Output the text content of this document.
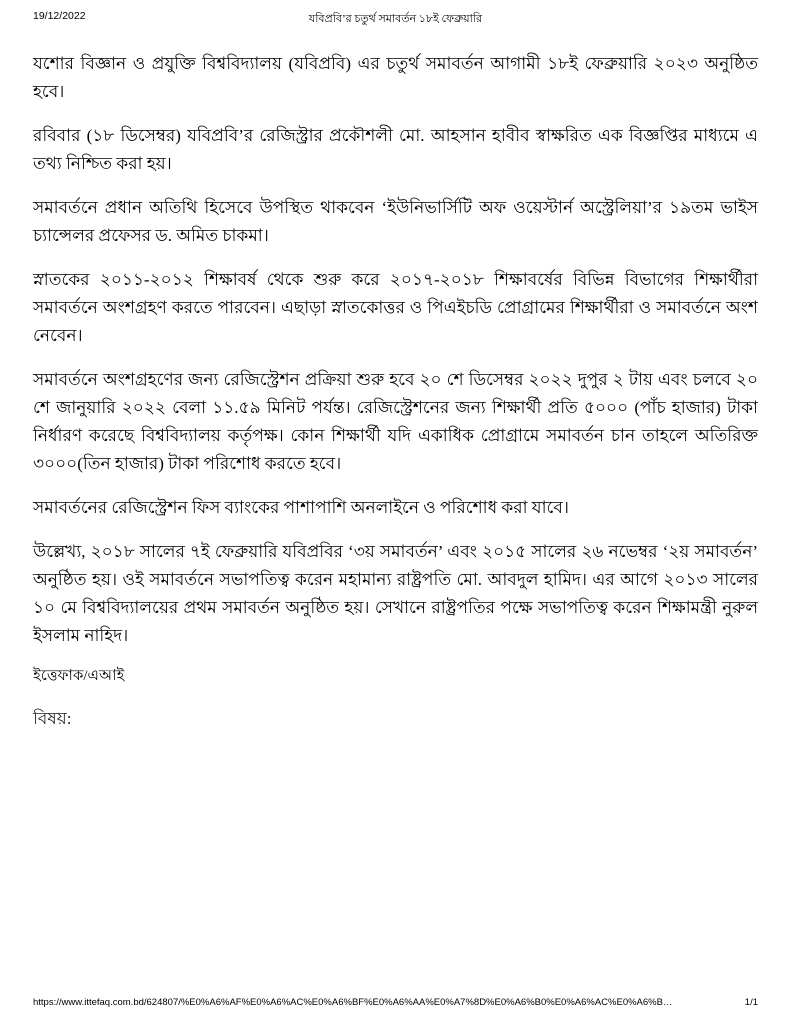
19/12/2022	যবিপ্রবি’র চতুর্থ সমাবর্তন ১৮ই ফেব্রুয়ারি

যশোর বিজ্ঞান ও প্রযুক্তি বিশ্ববিদ্যালয় (যবিপ্রবি) এর চতুর্থ সমাবর্তন আগামী ১৮ই ফেব্রুয়ারি ২০২৩ অনুষ্ঠিত হবে।

রবিবার (১৮ ডিসেম্বর) যবিপ্রবি’র রেজিস্ট্রার প্রকৌশলী মো. আহসান হাবীব স্বাক্ষরিত এক বিজ্ঞপ্তির মাধ্যমে এ তথ্য নিশ্চিত করা হয়।

সমাবর্তনে প্রধান অতিথি হিসেবে উপস্থিত থাকবেন ‘ইউনিভার্সিটি অফ ওয়েস্টার্ন অস্ট্রেলিয়া’র ১৯তম ভাইস চ্যান্সেলর প্রফেসর ড. অমিত চাকমা।

স্নাতকের ২০১১-২০১২ শিক্ষাবর্ষ থেকে শুরু করে ২০১৭-২০১৮ শিক্ষাবর্ষের বিভিন্ন বিভাগের শিক্ষার্থীরা সমাবর্তনে অংশগ্রহণ করতে পারবেন। এছাড়া স্নাতকোত্তর ও পিএইচডি প্রোগ্রামের শিক্ষার্থীরা ও সমাবর্তনে অংশ নেবেন।

সমাবর্তনে অংশগ্রহণের জন্য রেজিস্ট্রেশন প্রক্রিয়া শুরু হবে ২০ শে ডিসেম্বর ২০২২ দুপুর ২ টায় এবং চলবে ২০ শে জানুয়ারি ২০২২ বেলা ১১.৫৯ মিনিট পর্যন্ত। রেজিস্ট্রেশনের জন্য শিক্ষার্থী প্রতি ৫০০০ (পাঁচ হাজার) টাকা নির্ধারণ করেছে বিশ্ববিদ্যালয় কর্তৃপক্ষ। কোন শিক্ষার্থী যদি একাধিক প্রোগ্রামে সমাবর্তন চান তাহলে অতিরিক্ত ৩০০০(তিন হাজার) টাকা পরিশোধ করতে হবে।

সমাবর্তনের রেজিস্ট্রেশন ফিস ব্যাংকের পাশাপাশি অনলাইনে ও পরিশোধ করা যাবে।

উল্লেখ্য, ২০১৮ সালের ৭ই ফেব্রুয়ারি যবিপ্রবির ‘৩য় সমাবর্তন’ এবং ২০১৫ সালের ২৬ নভেম্বর ‘২য় সমাবর্তন’ অনুষ্ঠিত হয়। ওই সমাবর্তনে সভাপতিত্ব করেন মহামান্য রাষ্ট্রপতি মো. আবদুল হামিদ। এর আগে ২০১৩ সালের ১০ মে বিশ্ববিদ্যালয়ের প্রথম সমাবর্তন অনুষ্ঠিত হয়। সেখানে রাষ্ট্রপতির পক্ষে সভাপতিত্ব করেন শিক্ষামন্ত্রী নুরুল ইসলাম নাহিদ।

ইত্তেফাক/এআই
বিষয়:
https://www.ittefaq.com.bd/624807/%E0%A6%AF%E0%A6%AC%E0%A6%BF%E0%A6%AA%E0%A7%8D%E0%A6%B0%E0%A6%AC%E0%A6%B…	1/1
